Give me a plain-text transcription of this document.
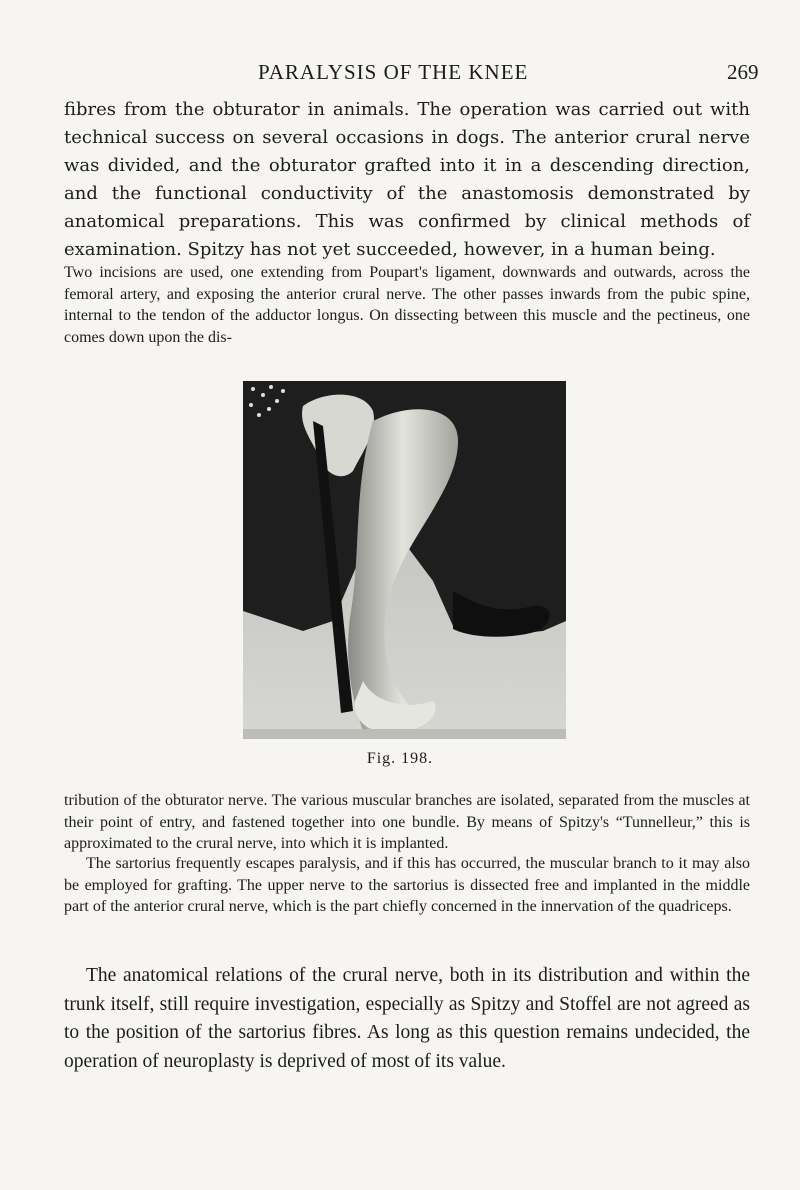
PARALYSIS OF THE KNEE	269

fibres from the obturator in animals. The operation was carried out with technical success on several occasions in dogs. The anterior crural nerve was divided, and the obturator grafted into it in a descending direction, and the functional conductivity of the anastomosis demonstrated by anatomical preparations. This was confirmed by clinical methods of examination. Spitzy has not yet succeeded, however, in a human being.

Two incisions are used, one extending from Poupart's ligament, downwards and outwards, across the femoral artery, and exposing the anterior crural nerve. The other passes inwards from the pubic spine, internal to the tendon of the adductor longus. On dissecting between this muscle and the pectineus, one comes down upon the dis-

Fig. 198.

tribution of the obturator nerve. The various muscular branches are isolated, separated from the muscles at their point of entry, and fastened together into one bundle. By means of Spitzy's “Tunnelleur,” this is approximated to the crural nerve, into which it is implanted.

The sartorius frequently escapes paralysis, and if this has occurred, the muscular branch to it may also be employed for grafting. The upper nerve to the sartorius is dissected free and implanted in the middle part of the anterior crural nerve, which is the part chiefly concerned in the innervation of the quadriceps.

The anatomical relations of the crural nerve, both in its distribution and within the trunk itself, still require investigation, especially as Spitzy and Stoffel are not agreed as to the position of the sartorius fibres. As long as this question remains undecided, the operation of neuroplasty is deprived of most of its value.
